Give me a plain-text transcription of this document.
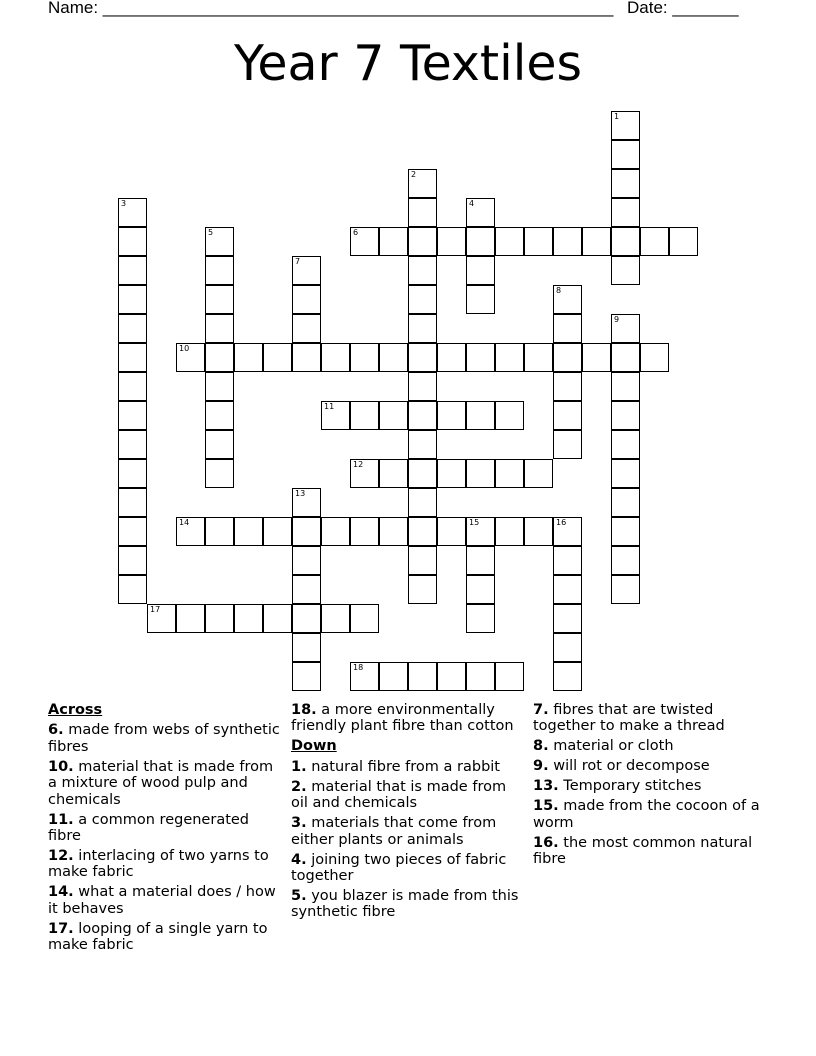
Name: ______________________________________________________ Date: _______
Year 7 Textiles
1
2
3	4
5	6
7
8
9
10
11
12
13
14	15	16
17
18
Across
6. made from webs of synthetic fibres
10. material that is made from a mixture of wood pulp and chemicals
11. a common regenerated fibre
12. interlacing of two yarns to make fabric
14. what a material does / how it behaves
17. looping of a single yarn to make fabric
18. a more environmentally friendly plant fibre than cotton
Down
1. natural fibre from a rabbit
2. material that is made from oil and chemicals
3. materials that come from either plants or animals
4. joining two pieces of fabric together
5. you blazer is made from this synthetic fibre
7. fibres that are twisted together to make a thread
8. material or cloth
9. will rot or decompose
13. Temporary stitches
15. made from the cocoon of a worm
16. the most common natural fibre
